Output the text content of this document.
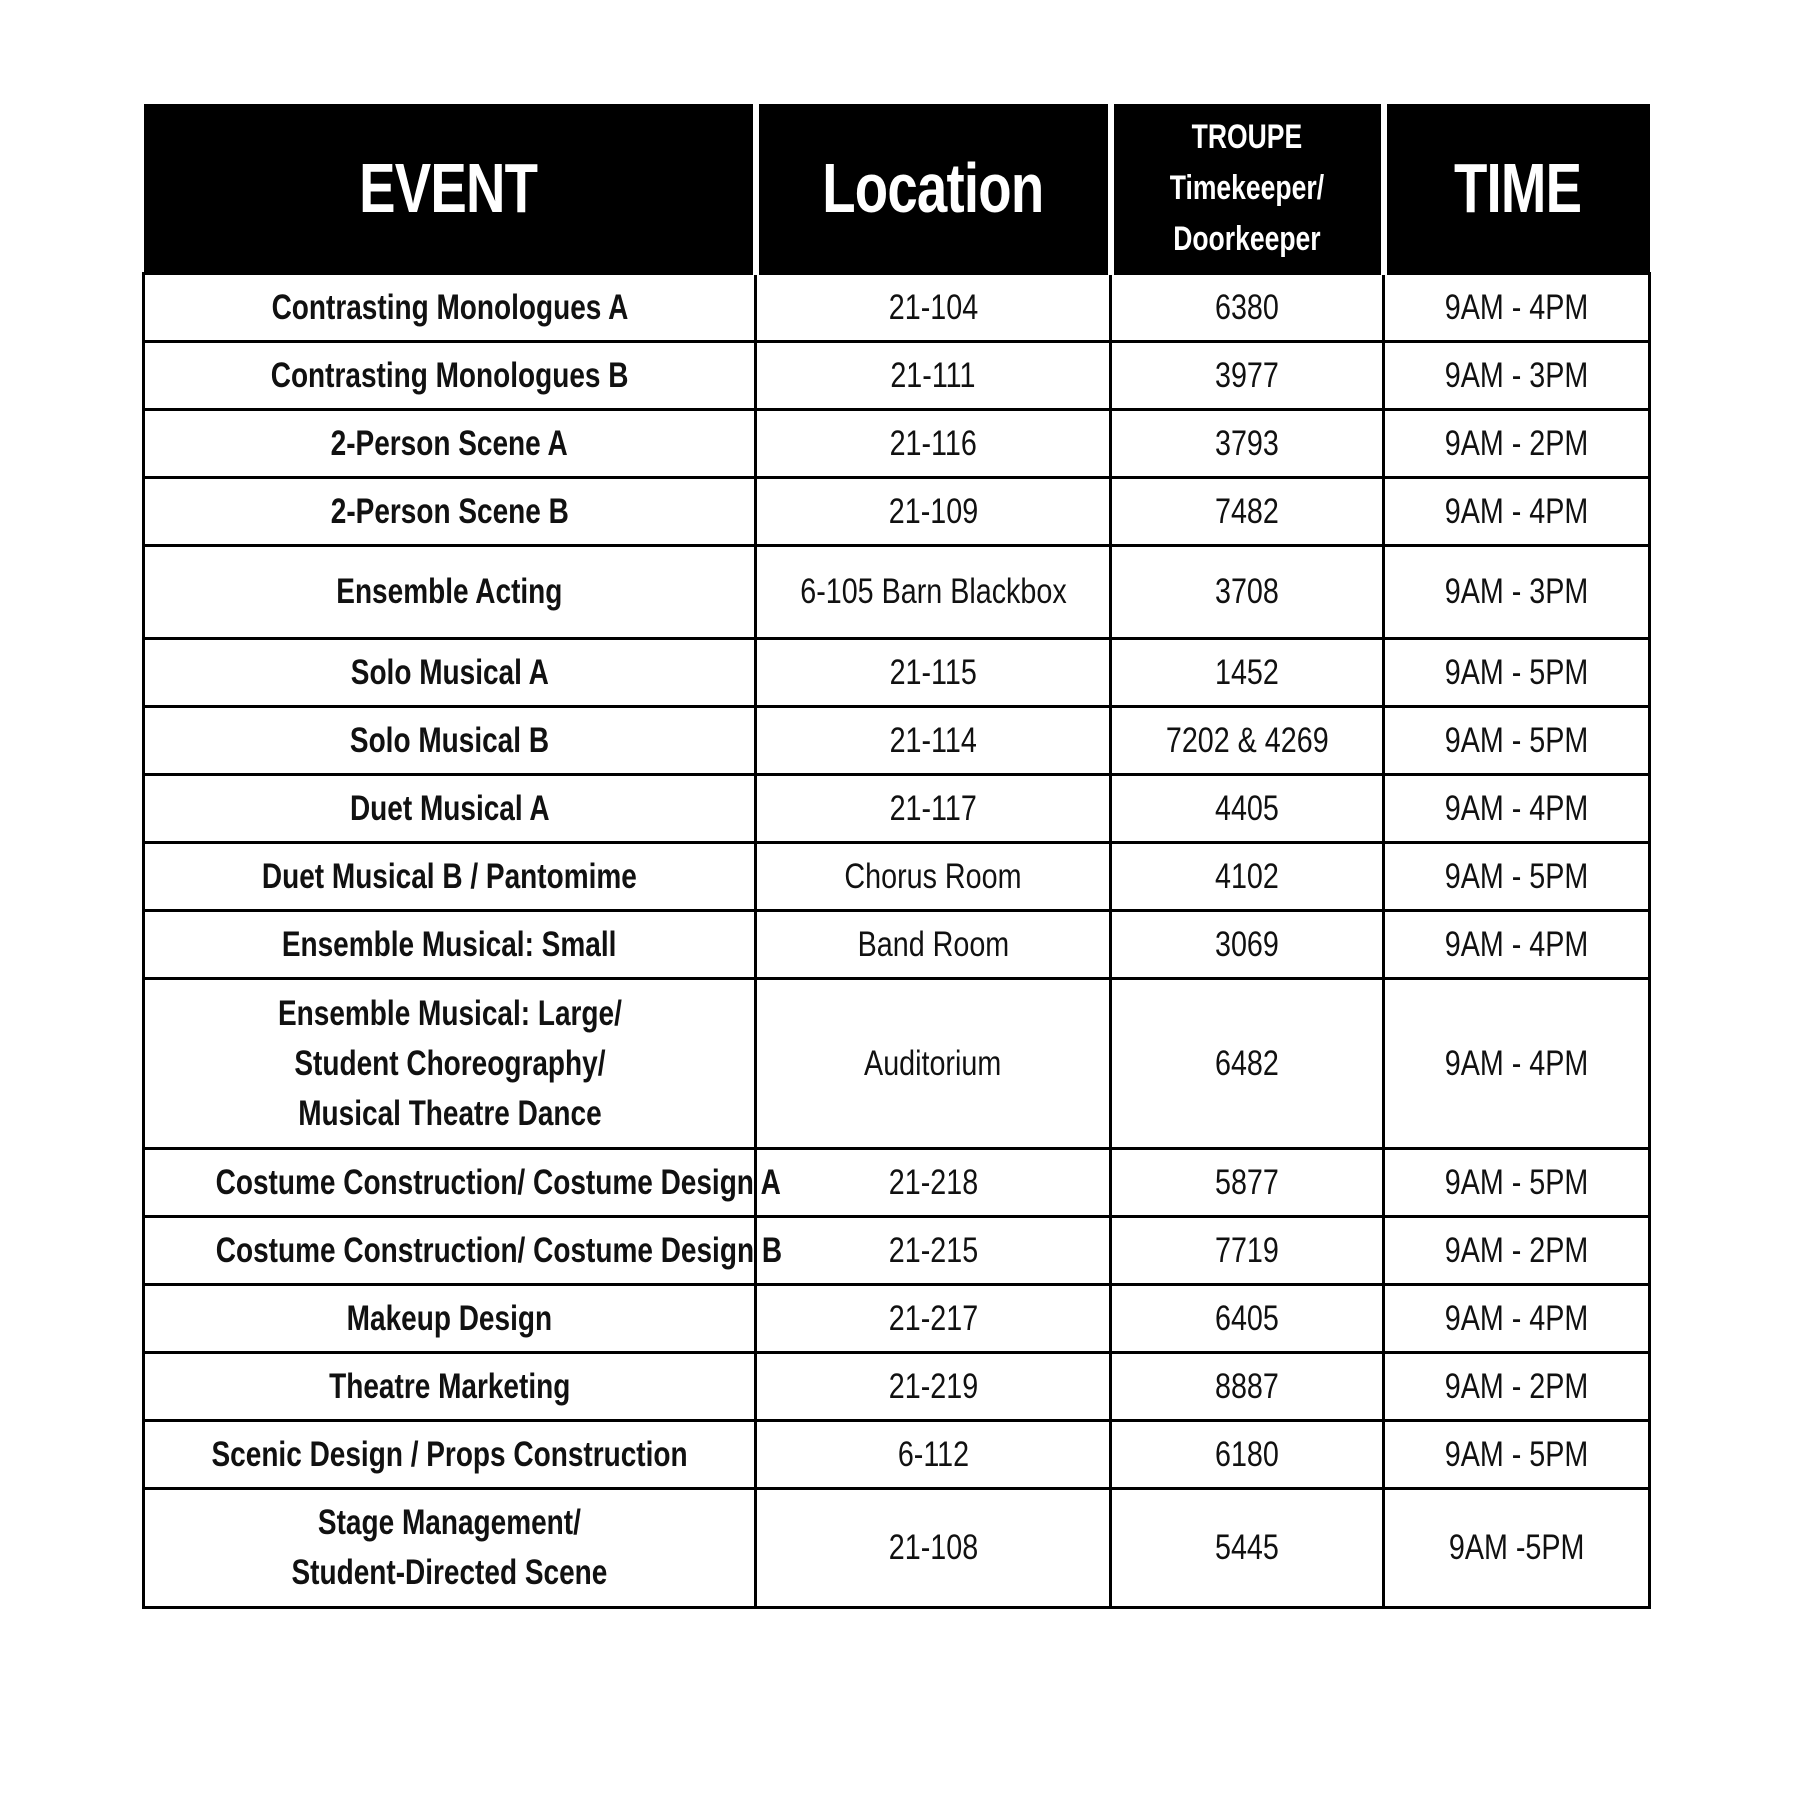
EVENT	Location	TROUPE
Timekeeper/
Doorkeeper	TIME
Contrasting Monologues A	21-104	6380	9AM - 4PM
Contrasting Monologues B	21-111	3977	9AM - 3PM
2-Person Scene A	21-116	3793	9AM - 2PM
2-Person Scene B	21-109	7482	9AM - 4PM
Ensemble Acting	6-105 Barn Blackbox	3708	9AM - 3PM
Solo Musical A	21-115	1452	9AM - 5PM
Solo Musical B	21-114	7202 & 4269	9AM - 5PM
Duet Musical A	21-117	4405	9AM - 4PM
Duet Musical B / Pantomime	Chorus Room	4102	9AM - 5PM
Ensemble Musical: Small	Band Room	3069	9AM - 4PM

Ensemble Musical: Large/
Student Choreography/
Musical Theatre Dance	Auditorium	6482	9AM - 4PM
Costume Construction/ Costume Design A	21-218	5877	9AM - 5PM
Costume Construction/ Costume Design B	21-215	7719	9AM - 2PM
Makeup Design	21-217	6405	9AM - 4PM
Theatre Marketing	21-219	8887	9AM - 2PM
Scenic Design / Props Construction	6-112	6180	9AM - 5PM

Stage Management/
Student-Directed Scene	21-108	5445	9AM -5PM
